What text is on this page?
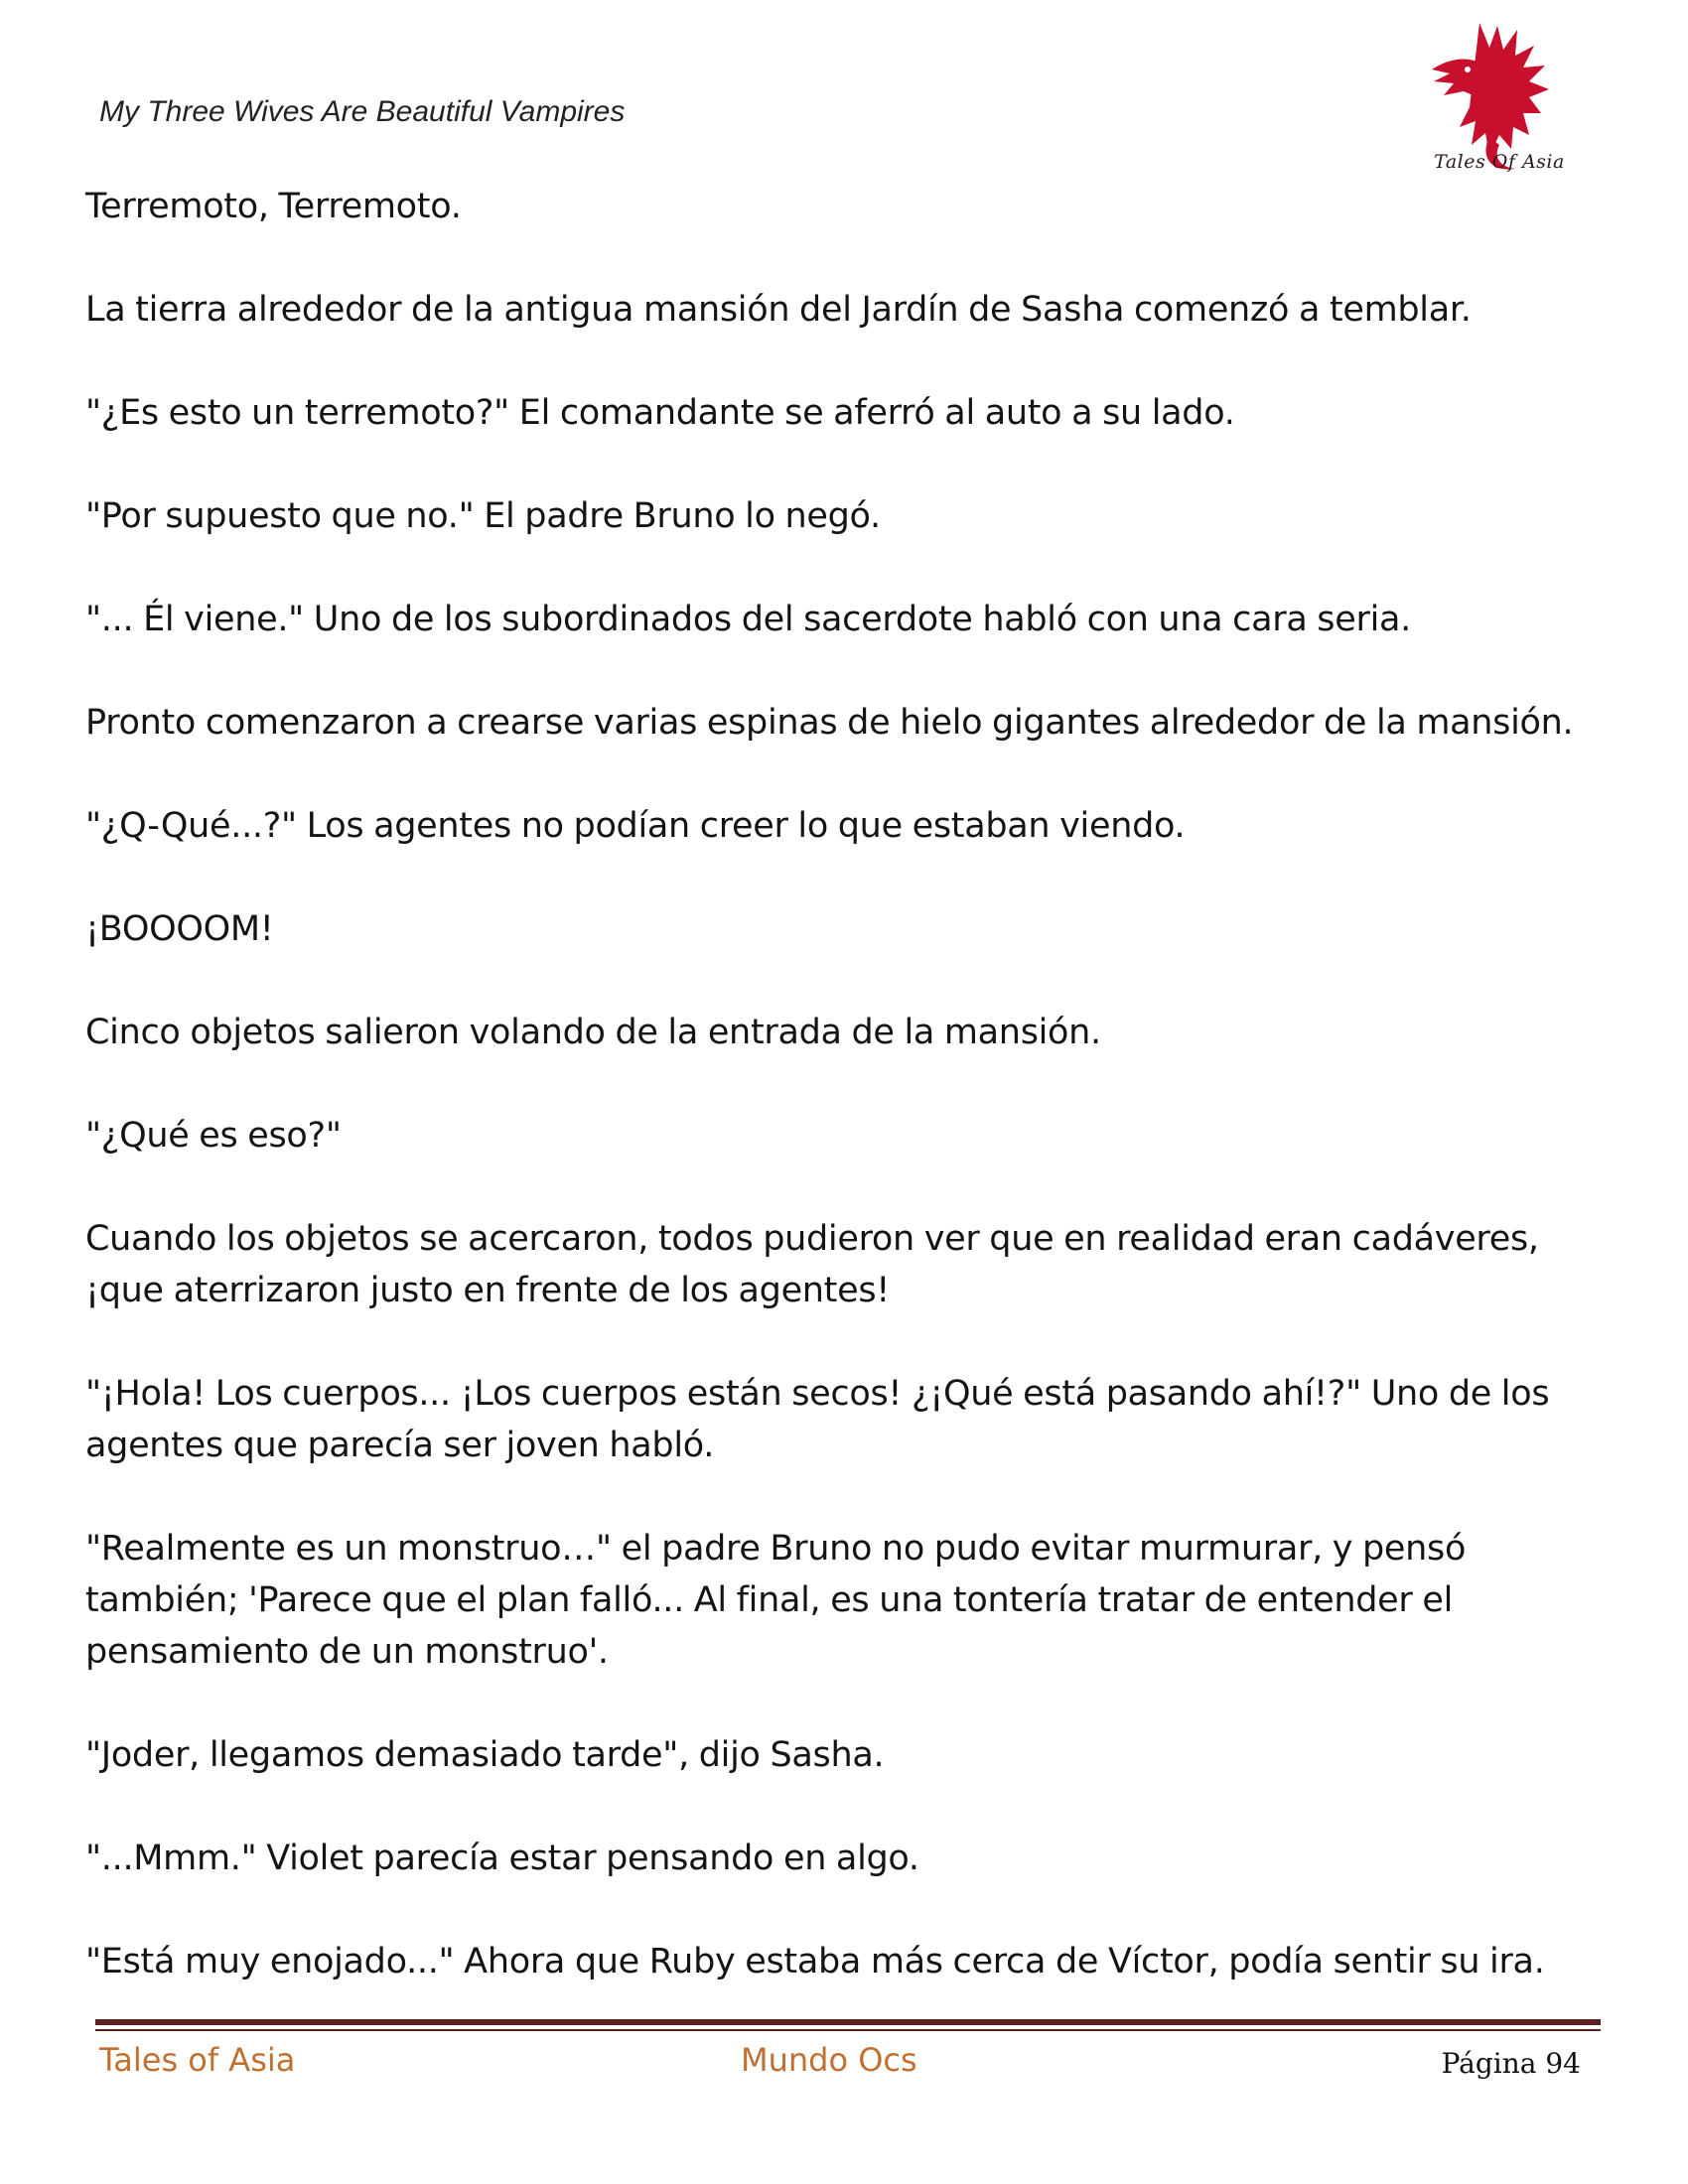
My Three Wives Are Beautiful Vampires
Tales Of Asia

Terremoto, Terremoto.

La tierra alrededor de la antigua mansión del Jardín de Sasha comenzó a temblar.

"¿Es esto un terremoto?" El comandante se aferró al auto a su lado.

"Por supuesto que no." El padre Bruno lo negó.

"... Él viene." Uno de los subordinados del sacerdote habló con una cara seria.

Pronto comenzaron a crearse varias espinas de hielo gigantes alrededor de la mansión.

"¿Q-Qué...?" Los agentes no podían creer lo que estaban viendo.

¡BOOOOM!

Cinco objetos salieron volando de la entrada de la mansión.

"¿Qué es eso?"

Cuando los objetos se acercaron, todos pudieron ver que en realidad eran cadáveres, ¡que aterrizaron justo en frente de los agentes!

"¡Hola! Los cuerpos... ¡Los cuerpos están secos! ¿¡Qué está pasando ahí!?" Uno de los agentes que parecía ser joven habló.

"Realmente es un monstruo…" el padre Bruno no pudo evitar murmurar, y pensó también; 'Parece que el plan falló... Al final, es una tontería tratar de entender el pensamiento de un monstruo'.

"Joder, llegamos demasiado tarde", dijo Sasha.

"...Mmm." Violet parecía estar pensando en algo.

"Está muy enojado..." Ahora que Ruby estaba más cerca de Víctor, podía sentir su ira.

Tales of Asia	Mundo Ocs	Página 94
